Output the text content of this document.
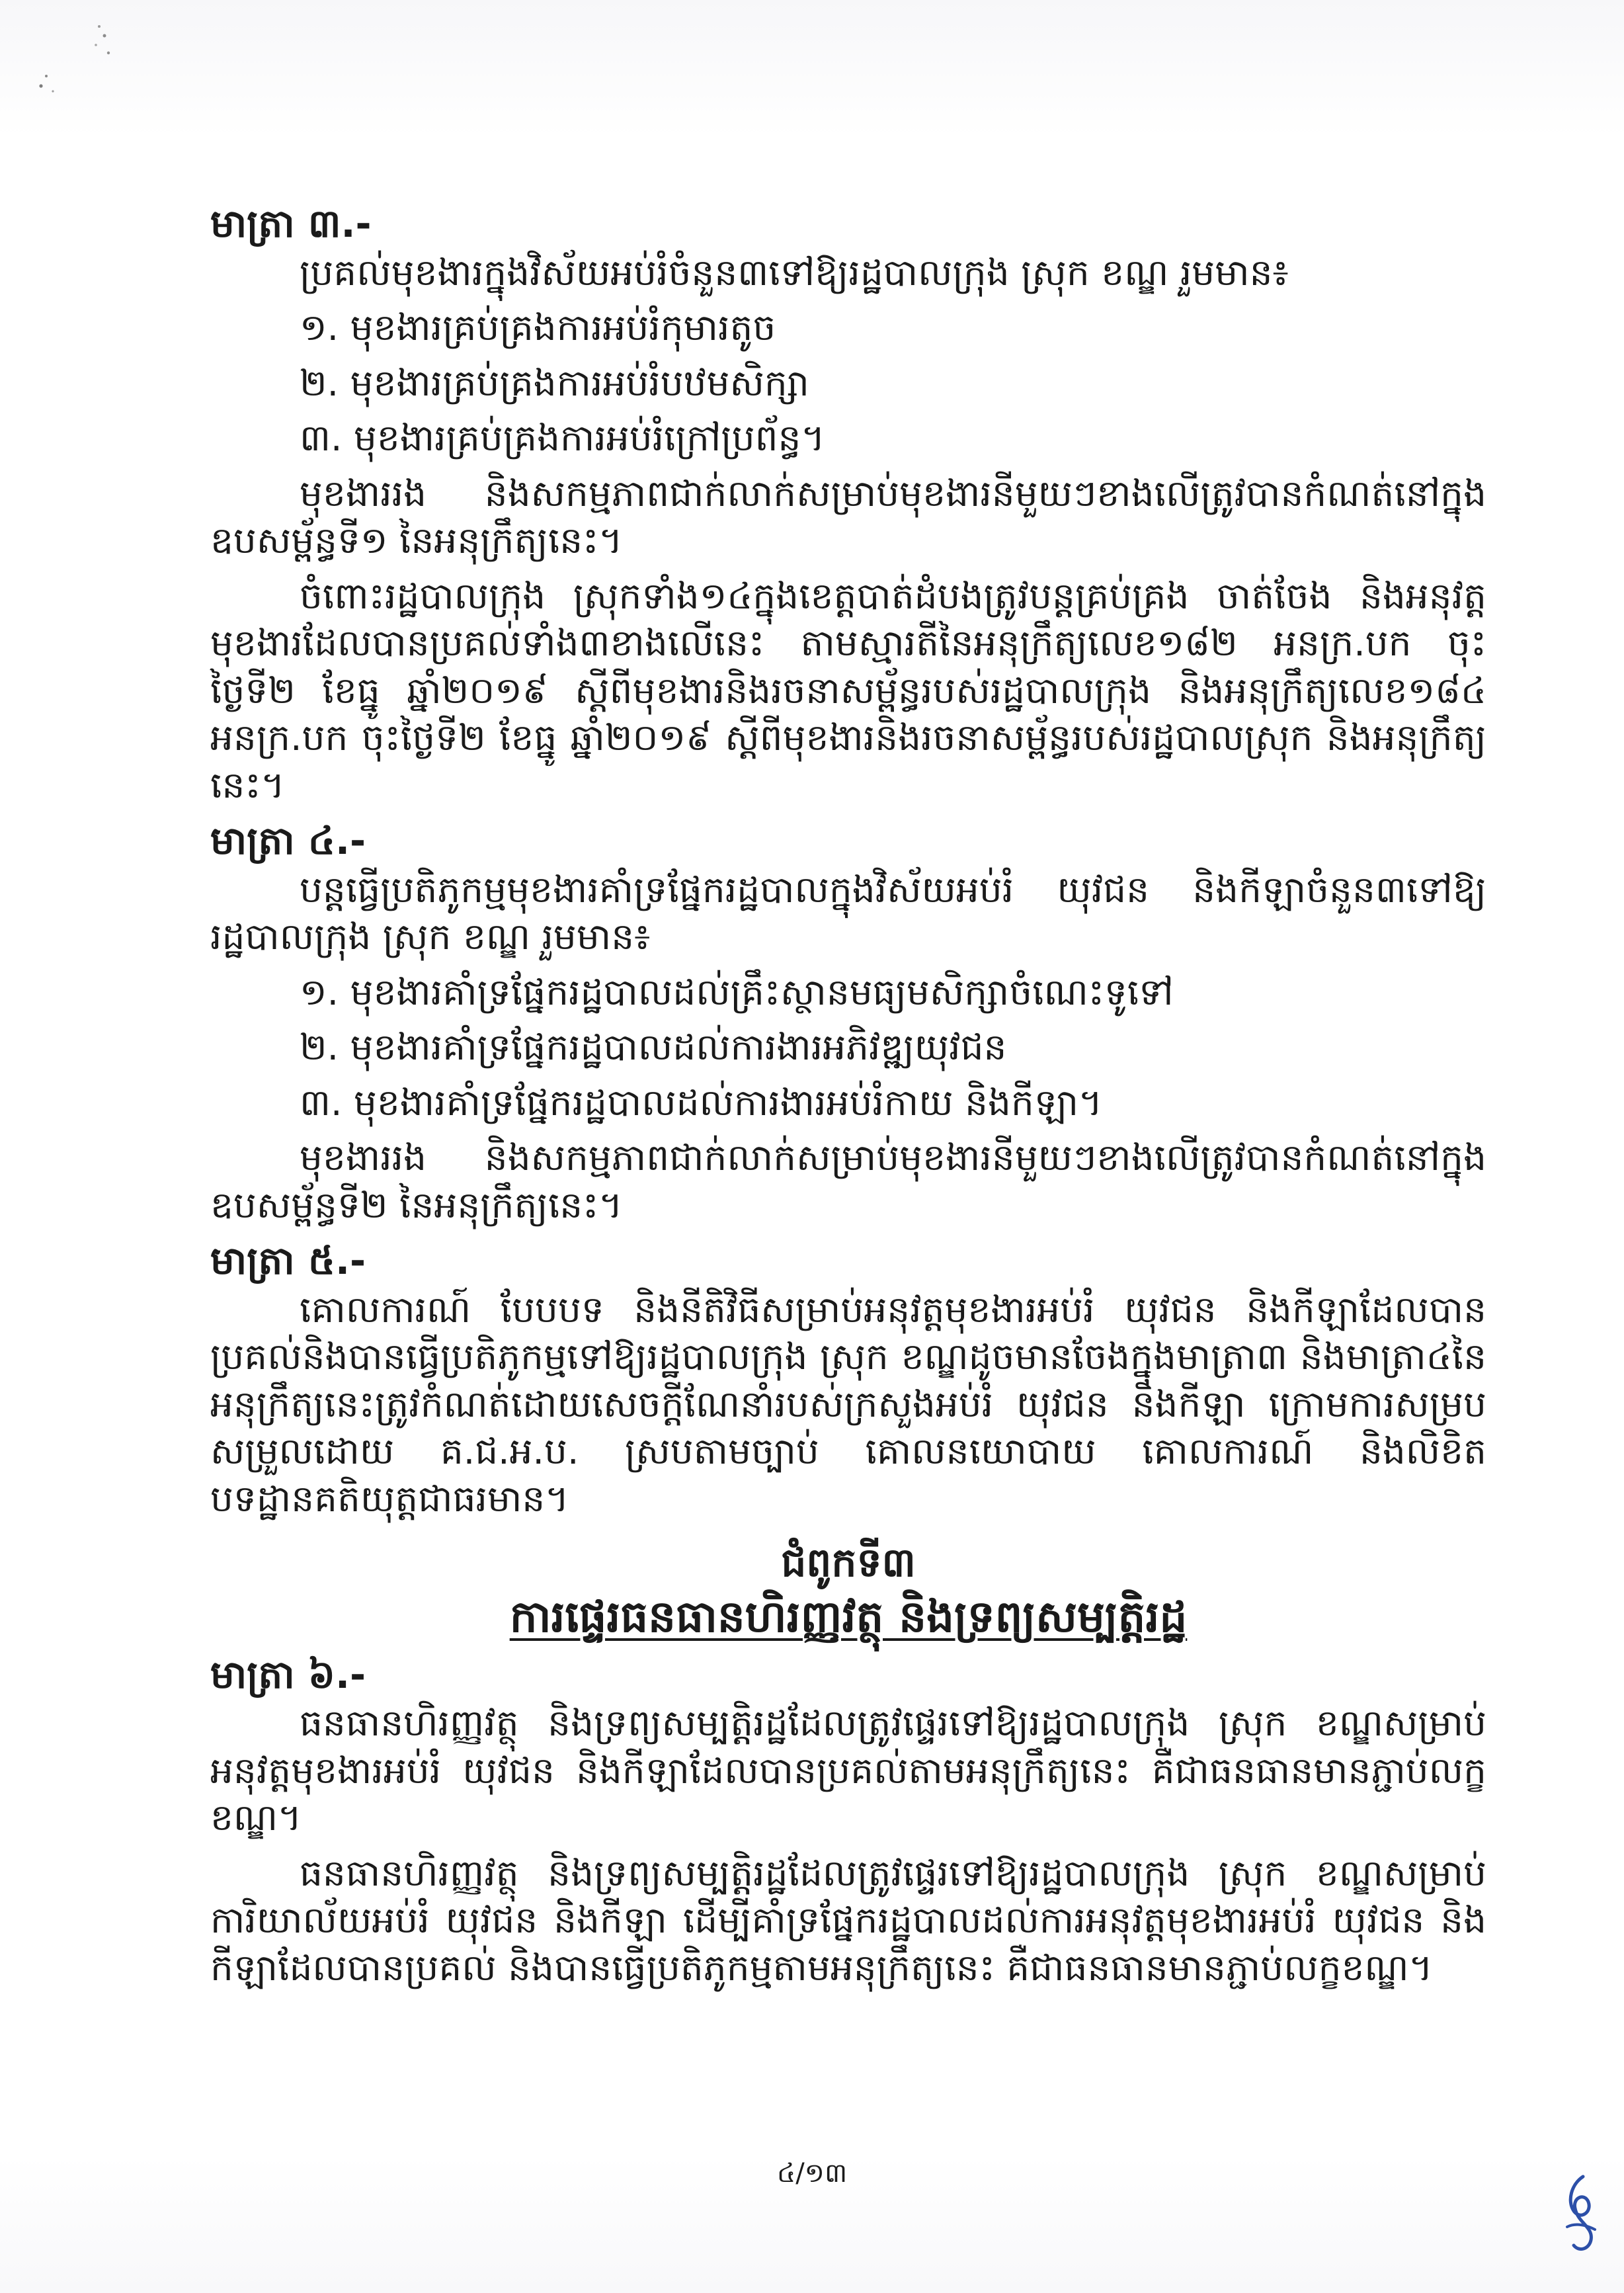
មាត្រា ៣.-
ប្រគល់មុខងារក្នុងវិស័យអប់រំចំនួន៣ទៅឱ្យរដ្ឋបាលក្រុង ស្រុក ខណ្ឌ រួមមាន៖
១. មុខងារគ្រប់គ្រងការអប់រំកុមារតូច
២. មុខងារគ្រប់គ្រងការអប់រំបឋមសិក្សា
៣. មុខងារគ្រប់គ្រងការអប់រំក្រៅប្រព័ន្ធ។
មុខងាររង និងសកម្មភាពជាក់លាក់សម្រាប់មុខងារនីមួយៗខាងលើត្រូវបានកំណត់នៅក្នុងឧបសម្ព័ន្ធទី១ នៃអនុក្រឹត្យនេះ។
ចំពោះរដ្ឋបាលក្រុង ស្រុកទាំង១៤ក្នុងខេត្តបាត់ដំបងត្រូវបន្តគ្រប់គ្រង ចាត់ចែង និងអនុវត្តមុខងារដែលបានប្រគល់ទាំង៣ខាងលើនេះ តាមស្មារតីនៃអនុក្រឹត្យលេខ១៨២ អនក្រ.បក ចុះថ្ងៃទី២ ខែធ្នូ ឆ្នាំ២០១៩ ស្តីពីមុខងារនិងរចនាសម្ព័ន្ធរបស់រដ្ឋបាលក្រុង និងអនុក្រឹត្យលេខ១៨៤ អនក្រ.បក ចុះថ្ងៃទី២ ខែធ្នូ ឆ្នាំ២០១៩ ស្តីពីមុខងារនិងរចនាសម្ព័ន្ធរបស់រដ្ឋបាលស្រុក និងអនុក្រឹត្យនេះ។
មាត្រា ៤.-
បន្តធ្វើប្រតិភូកម្មមុខងារគាំទ្រផ្នែករដ្ឋបាលក្នុងវិស័យអប់រំ យុវជន និងកីឡាចំនួន៣ទៅឱ្យរដ្ឋបាលក្រុង ស្រុក ខណ្ឌ រួមមាន៖
១. មុខងារគាំទ្រផ្នែករដ្ឋបាលដល់គ្រឹះស្ថានមធ្យមសិក្សាចំណេះទូទៅ
២. មុខងារគាំទ្រផ្នែករដ្ឋបាលដល់ការងារអភិវឌ្ឍយុវជន
៣. មុខងារគាំទ្រផ្នែករដ្ឋបាលដល់ការងារអប់រំកាយ និងកីឡា។
មុខងាររង និងសកម្មភាពជាក់លាក់សម្រាប់មុខងារនីមួយៗខាងលើត្រូវបានកំណត់នៅក្នុងឧបសម្ព័ន្ធទី២ នៃអនុក្រឹត្យនេះ។
មាត្រា ៥.-
គោលការណ៍ បែបបទ និងនីតិវិធីសម្រាប់អនុវត្តមុខងារអប់រំ យុវជន និងកីឡាដែលបានប្រគល់និងបានធ្វើប្រតិភូកម្មទៅឱ្យរដ្ឋបាលក្រុង ស្រុក ខណ្ឌដូចមានចែងក្នុងមាត្រា៣ និងមាត្រា៤នៃអនុក្រឹត្យនេះត្រូវកំណត់ដោយសេចក្តីណែនាំរបស់ក្រសួងអប់រំ យុវជន និងកីឡា ក្រោមការសម្របសម្រួលដោយ គ.ជ.អ.ប. ស្របតាមច្បាប់ គោលនយោបាយ គោលការណ៍ និងលិខិតបទដ្ឋានគតិយុត្តជាធរមាន។
ជំពូកទី៣
ការផ្ទេរធនធានហិរញ្ញវត្ថុ និងទ្រព្យសម្បត្តិរដ្ឋ
មាត្រា ៦.-
ធនធានហិរញ្ញវត្ថុ និងទ្រព្យសម្បត្តិរដ្ឋដែលត្រូវផ្ទេរទៅឱ្យរដ្ឋបាលក្រុង ស្រុក ខណ្ឌសម្រាប់អនុវត្តមុខងារអប់រំ យុវជន និងកីឡាដែលបានប្រគល់តាមអនុក្រឹត្យនេះ គឺជាធនធានមានភ្ជាប់លក្ខខណ្ឌ។
ធនធានហិរញ្ញវត្ថុ និងទ្រព្យសម្បត្តិរដ្ឋដែលត្រូវផ្ទេរទៅឱ្យរដ្ឋបាលក្រុង ស្រុក ខណ្ឌសម្រាប់ការិយាល័យអប់រំ យុវជន និងកីឡា ដើម្បីគាំទ្រផ្នែករដ្ឋបាលដល់ការអនុវត្តមុខងារអប់រំ យុវជន និងកីឡាដែលបានប្រគល់ និងបានធ្វើប្រតិភូកម្មតាមអនុក្រឹត្យនេះ គឺជាធនធានមានភ្ជាប់លក្ខខណ្ឌ។
៤/១៣
